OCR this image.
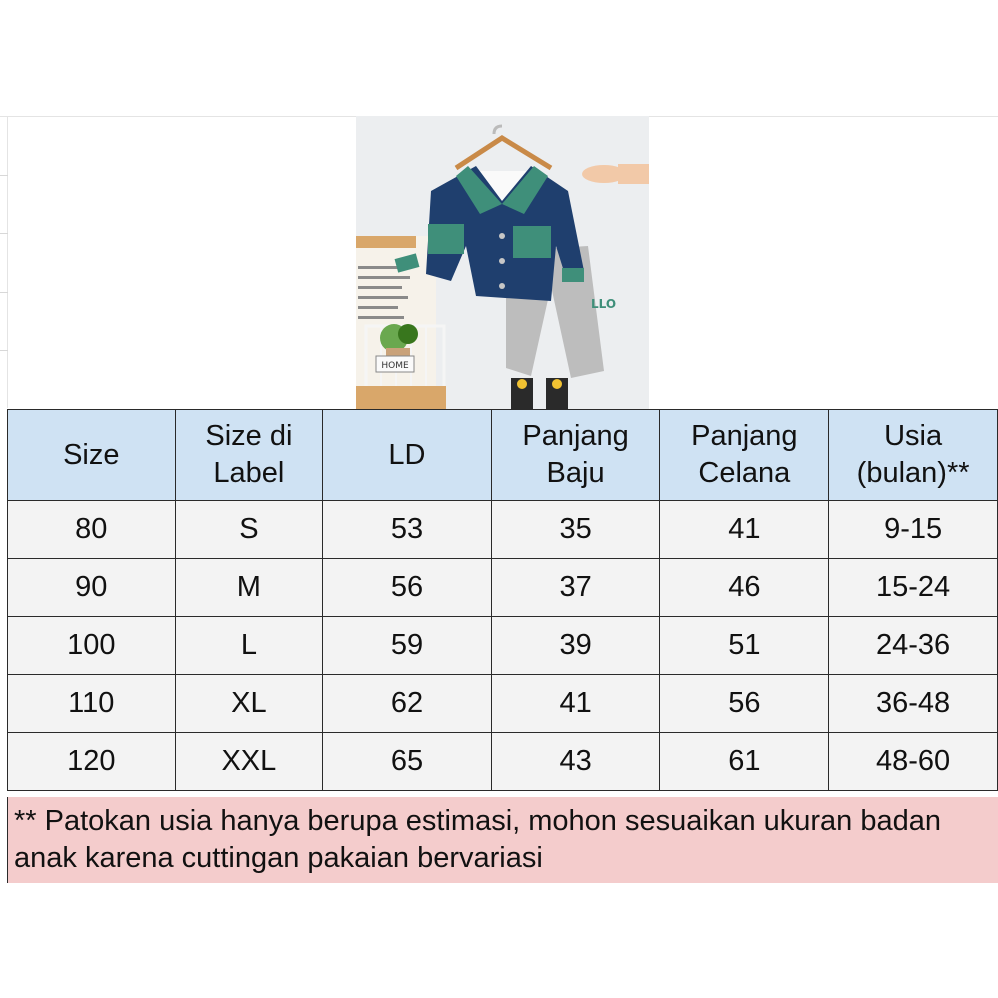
HOME
LLO
Size	Size di Label	LD	Panjang Baju	Panjang Celana	Usia (bulan)**
80	S	53	35	41	9-15
90	M	56	37	46	15-24
100	L	59	39	51	24-36
110	XL	62	41	56	36-48
120	XXL	65	43	61	48-60
** Patokan usia hanya berupa estimasi, mohon sesuaikan ukuran badan anak karena cuttingan pakaian bervariasi
